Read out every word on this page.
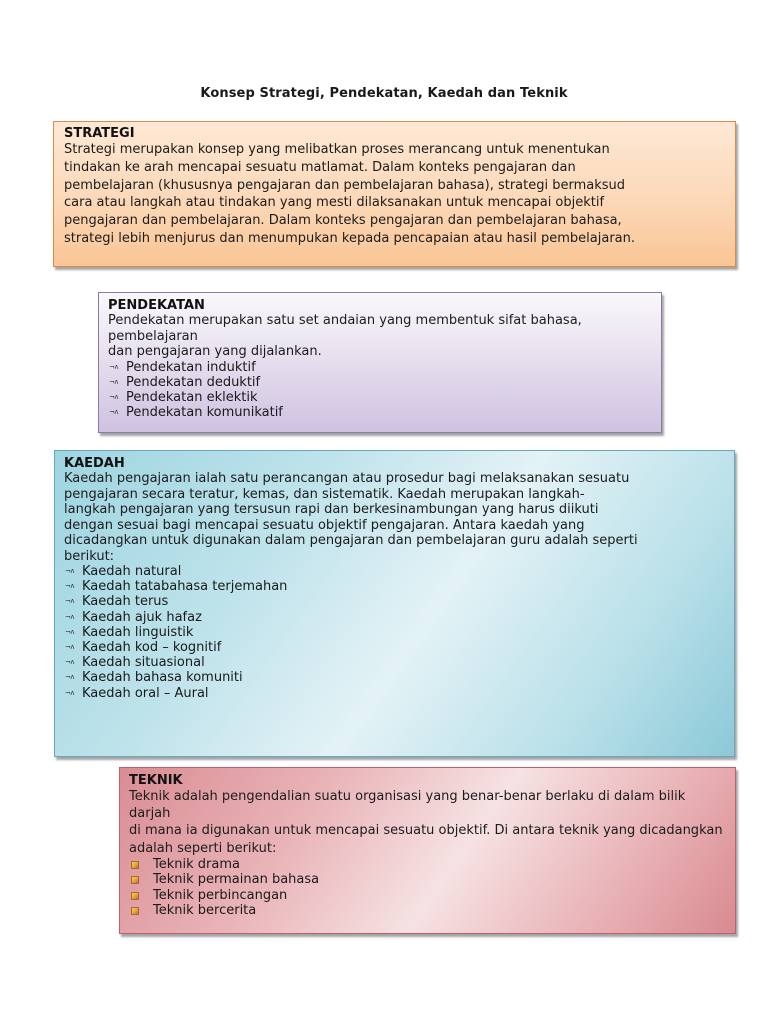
Konsep Strategi, Pendekatan, Kaedah dan Teknik
STRATEGI

Strategi merupakan konsep yang melibatkan proses merancang untuk menentukan

tindakan ke arah mencapai sesuatu matlamat. Dalam konteks pengajaran dan

pembelajaran (khususnya pengajaran dan pembelajaran bahasa), strategi bermaksud

cara atau langkah atau tindakan yang mesti dilaksanakan untuk mencapai objektif

pengajaran dan pembelajaran. Dalam konteks pengajaran dan pembelajaran bahasa,

strategi lebih menjurus dan menumpukan kepada pencapaian atau hasil pembelajaran.

PENDEKATAN

Pendekatan merupakan satu set andaian yang membentuk sifat bahasa,

pembelajaran

dan pengajaran yang dijalankan.

¬ʌ Pendekatan induktif
¬ʌ Pendekatan deduktif
¬ʌ Pendekatan eklektik
¬ʌ Pendekatan komunikatif
KAEDAH

Kaedah pengajaran ialah satu perancangan atau prosedur bagi melaksanakan sesuatu

pengajaran secara teratur, kemas, dan sistematik. Kaedah merupakan langkah-

langkah pengajaran yang tersusun rapi dan berkesinambungan yang harus diikuti

dengan sesuai bagi mencapai sesuatu objektif pengajaran. Antara kaedah yang

dicadangkan untuk digunakan dalam pengajaran dan pembelajaran guru adalah seperti

berikut:

¬ʌ Kaedah natural
¬ʌ Kaedah tatabahasa terjemahan
¬ʌ Kaedah terus
¬ʌ Kaedah ajuk hafaz
¬ʌ Kaedah linguistik
¬ʌ Kaedah kod – kognitif
¬ʌ Kaedah situasional
¬ʌ Kaedah bahasa komuniti
¬ʌ Kaedah oral – Aural
TEKNIK

Teknik adalah pengendalian suatu organisasi yang benar-benar berlaku di dalam bilik darjah

di mana ia digunakan untuk mencapai sesuatu objektif. Di antara teknik yang dicadangkan

adalah seperti berikut:

Teknik drama
Teknik permainan bahasa
Teknik perbincangan
Teknik bercerita
